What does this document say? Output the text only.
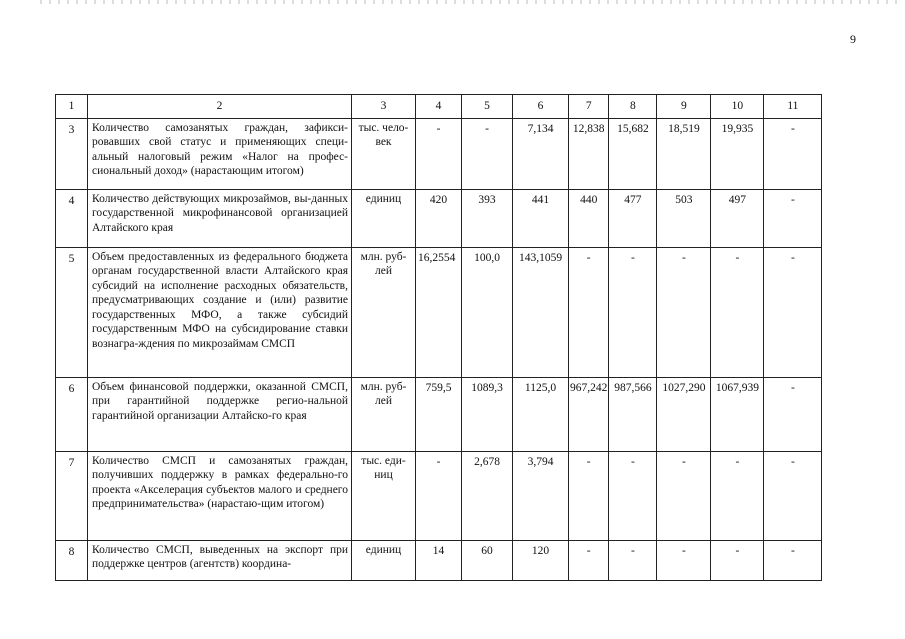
9
1	2	3	4	5	6	7	8	9	10	11
3	Количество самозанятых граждан, зафикси-ровавших свой статус и применяющих специ-альный налоговый режим «Налог на профес-сиональный доход» (нарастающим итогом)	тыс. чело-век	-	-	7,134	12,838	15,682	18,519	19,935	-
4	Количество действующих микрозаймов, вы-данных государственной микрофинансовой организацией Алтайского края	единиц	420	393	441	440	477	503	497	-
5	Объем предоставленных из федерального бюджета органам государственной власти Алтайского края субсидий на исполнение расходных обязательств, предусматривающих создание и (или) развитие государственных МФО, а также субсидий государственным МФО на субсидирование ставки вознагра-ждения по микрозаймам СМСП	млн. руб-лей	16,2554	100,0	143,1059	-	-	-	-	-
6	Объем финансовой поддержки, оказанной СМСП, при гарантийной поддержке регио-нальной гарантийной организации Алтайско-го края	млн. руб-лей	759,5	1089,3	1125,0	967,242	987,566	1027,290	1067,939	-
7	Количество СМСП и самозанятых граждан, получивших поддержку в рамках федерально-го проекта «Акселерация субъектов малого и среднего предпринимательства» (нарастаю-щим итогом)	тыс. еди-ниц	-	2,678	3,794	-	-	-	-	-
8	Количество СМСП, выведенных на экспорт при поддержке центров (агентств) координа-	единиц	14	60	120	-	-	-	-	-
